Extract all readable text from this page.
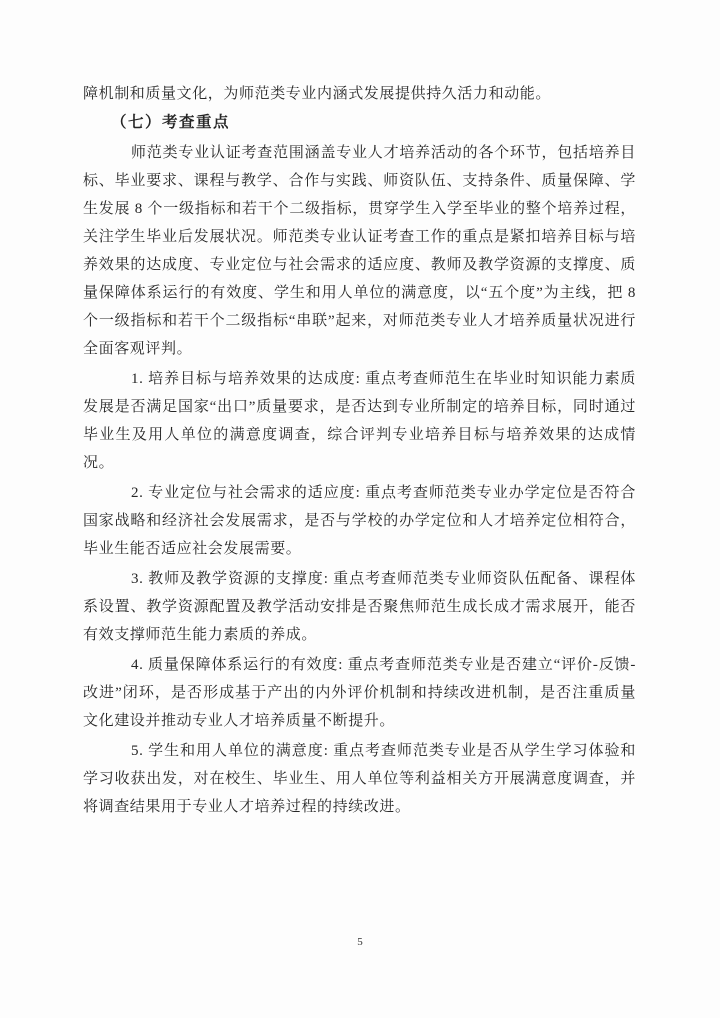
障机制和质量文化，为师范类专业内涵式发展提供持久活力和动能。

（七）考查重点

师范类专业认证考查范围涵盖专业人才培养活动的各个环节，包括培养目标、毕业要求、课程与教学、合作与实践、师资队伍、支持条件、质量保障、学生发展 8 个一级指标和若干个二级指标，贯穿学生入学至毕业的整个培养过程，关注学生毕业后发展状况。师范类专业认证考查工作的重点是紧扣培养目标与培养效果的达成度、专业定位与社会需求的适应度、教师及教学资源的支撑度、质量保障体系运行的有效度、学生和用人单位的满意度，以“五个度”为主线，把 8 个一级指标和若干个二级指标“串联”起来，对师范类专业人才培养质量状况进行全面客观评判。

1. 培养目标与培养效果的达成度: 重点考查师范生在毕业时知识能力素质发展是否满足国家“出口”质量要求，是否达到专业所制定的培养目标，同时通过毕业生及用人单位的满意度调查，综合评判专业培养目标与培养效果的达成情况。

2. 专业定位与社会需求的适应度: 重点考查师范类专业办学定位是否符合国家战略和经济社会发展需求，是否与学校的办学定位和人才培养定位相符合，毕业生能否适应社会发展需要。

3. 教师及教学资源的支撑度: 重点考查师范类专业师资队伍配备、课程体系设置、教学资源配置及教学活动安排是否聚焦师范生成长成才需求展开，能否有效支撑师范生能力素质的养成。

4. 质量保障体系运行的有效度: 重点考查师范类专业是否建立“评价-反馈-改进”闭环，是否形成基于产出的内外评价机制和持续改进机制，是否注重质量文化建设并推动专业人才培养质量不断提升。

5. 学生和用人单位的满意度: 重点考查师范类专业是否从学生学习体验和学习收获出发，对在校生、毕业生、用人单位等利益相关方开展满意度调查，并将调查结果用于专业人才培养过程的持续改进。

5
